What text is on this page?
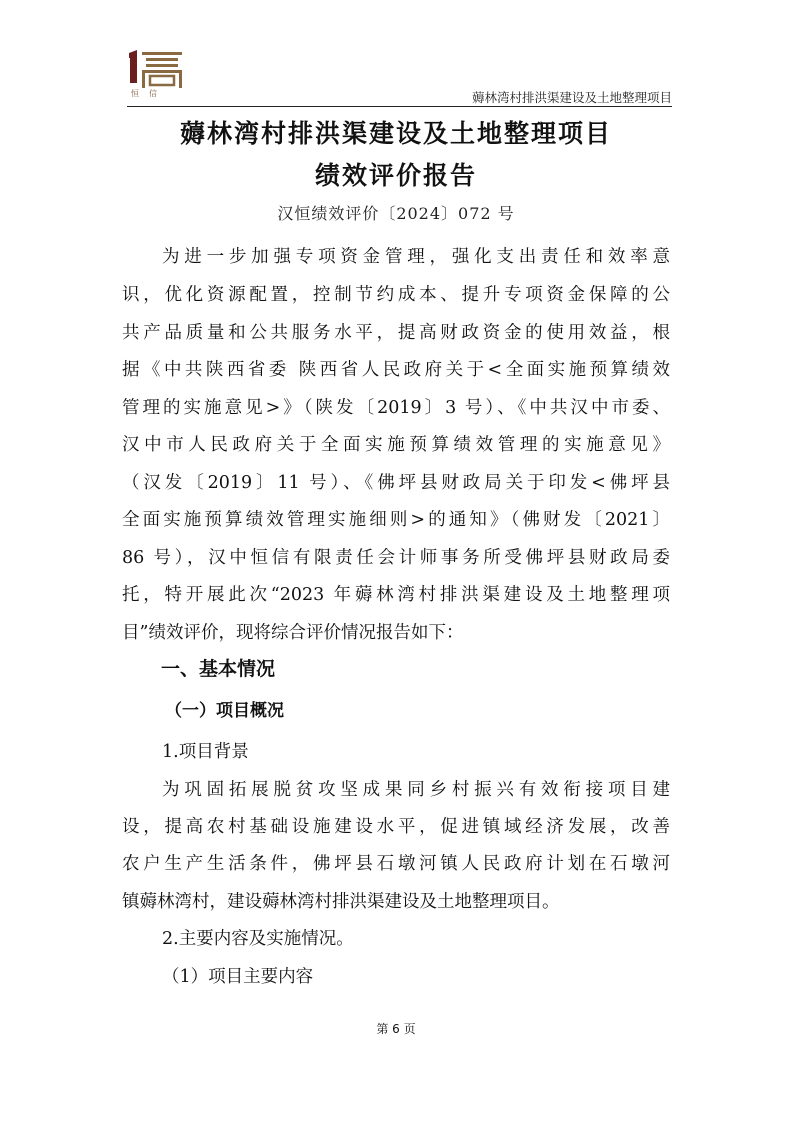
恒信	薅林湾村排洪渠建设及土地整理项目
薅林湾村排洪渠建设及土地整理项目
绩效评价报告
汉恒绩效评价〔2024〕072 号
为进一步加强专项资金管理，强化支出责任和效率意
识，优化资源配置，控制节约成本、提升专项资金保障的公
共产品质量和公共服务水平，提高财政资金的使用效益，根
据《中共陕西省委 陕西省人民政府关于<全面实施预算绩效
管理的实施意见>》（陕发〔2019〕3 号）、《中共汉中市委、
汉中市人民政府关于全面实施预算绩效管理的实施意见》
（汉发〔2019〕11 号）、《佛坪县财政局关于印发<佛坪县
全面实施预算绩效管理实施细则>的通知》（佛财发〔2021〕
86 号），汉中恒信有限责任会计师事务所受佛坪县财政局委
托，特开展此次“2023 年薅林湾村排洪渠建设及土地整理项
目”绩效评价，现将综合评价情况报告如下：
一、基本情况
（一）项目概况
1.项目背景
为巩固拓展脱贫攻坚成果同乡村振兴有效衔接项目建
设，提高农村基础设施建设水平，促进镇域经济发展，改善
农户生产生活条件，佛坪县石墩河镇人民政府计划在石墩河
镇薅林湾村，建设薅林湾村排洪渠建设及土地整理项目。
2.主要内容及实施情况。
（1）项目主要内容
第 6 页
